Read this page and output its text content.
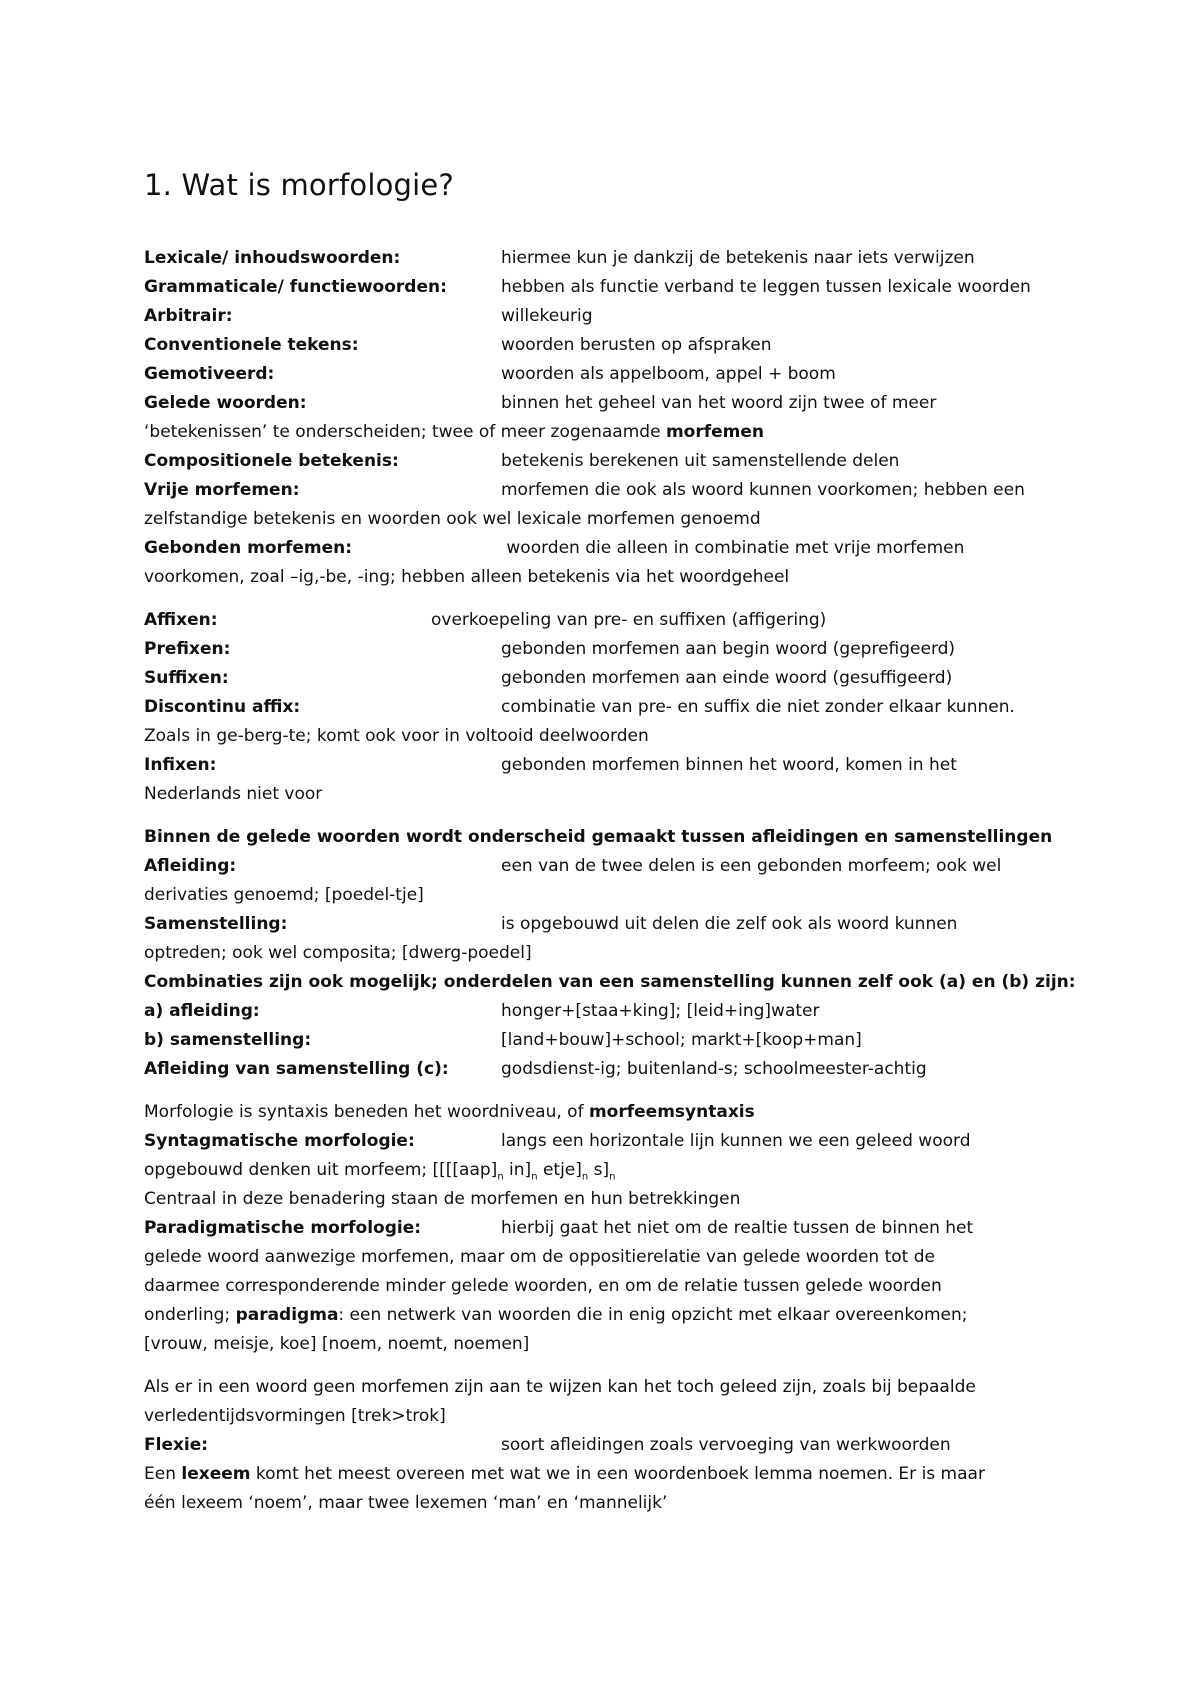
1. Wat is morfologie?
Lexicale/ inhoudswoorden:	hiermee kun je dankzij de betekenis naar iets verwijzen
Grammaticale/ functiewoorden:	hebben als functie verband te leggen tussen lexicale woorden
Arbitrair:	willekeurig
Conventionele tekens:	woorden berusten op afspraken
Gemotiveerd:	woorden als appelboom, appel + boom
Gelede woorden:	binnen het geheel van het woord zijn twee of meer
‘betekenissen’ te onderscheiden; twee of meer zogenaamde morfemen
Compositionele betekenis:	betekenis berekenen uit samenstellende delen
Vrije morfemen:	morfemen die ook als woord kunnen voorkomen; hebben een
zelfstandige betekenis en woorden ook wel lexicale morfemen genoemd
Gebonden morfemen:	woorden die alleen in combinatie met vrije morfemen
voorkomen, zoal –ig,-be, -ing; hebben alleen betekenis via het woordgeheel
Affixen:	overkoepeling van pre- en suffixen (affigering)
Prefixen:	gebonden morfemen aan begin woord (geprefigeerd)
Suffixen:	gebonden morfemen aan einde woord (gesuffigeerd)
Discontinu affix:	combinatie van pre- en suffix die niet zonder elkaar kunnen.
Zoals in ge-berg-te; komt ook voor in voltooid deelwoorden
Infixen:	gebonden morfemen binnen het woord, komen in het
Nederlands niet voor
Binnen de gelede woorden wordt onderscheid gemaakt tussen afleidingen en samenstellingen
Afleiding:	een van de twee delen is een gebonden morfeem; ook wel
derivaties genoemd; [poedel-tje]
Samenstelling:	is opgebouwd uit delen die zelf ook als woord kunnen
optreden; ook wel composita; [dwerg-poedel]
Combinaties zijn ook mogelijk; onderdelen van een samenstelling kunnen zelf ook (a) en (b) zijn:
a) afleiding:	honger+[staa+king]; [leid+ing]water
b) samenstelling:	[land+bouw]+school; markt+[koop+man]
Afleiding van samenstelling (c):	godsdienst-ig; buitenland-s; schoolmeester-achtig
Morfologie is syntaxis beneden het woordniveau, of morfeemsyntaxis
Syntagmatische morfologie:	langs een horizontale lijn kunnen we een geleed woord
opgebouwd denken uit morfeem; [[[$[aap]_n$ $in]_n$ $etje]_n$ $s]_n$
Centraal in deze benadering staan de morfemen en hun betrekkingen
Paradigmatische morfologie:	hierbij gaat het niet om de realtie tussen de binnen het
gelede woord aanwezige morfemen, maar om de oppositierelatie van gelede woorden tot de
daarmee corresponderende minder gelede woorden, en om de relatie tussen gelede woorden
onderling; paradigma: een netwerk van woorden die in enig opzicht met elkaar overeenkomen;
[vrouw, meisje, koe] [noem, noemt, noemen]
Als er in een woord geen morfemen zijn aan te wijzen kan het toch geleed zijn, zoals bij bepaalde
verledentijdsvormingen [trek>trok]
Flexie:	soort afleidingen zoals vervoeging van werkwoorden
Een lexeem komt het meest overeen met wat we in een woordenboek lemma noemen. Er is maar
één lexeem ‘noem’, maar twee lexemen ‘man’ en ‘mannelijk’
